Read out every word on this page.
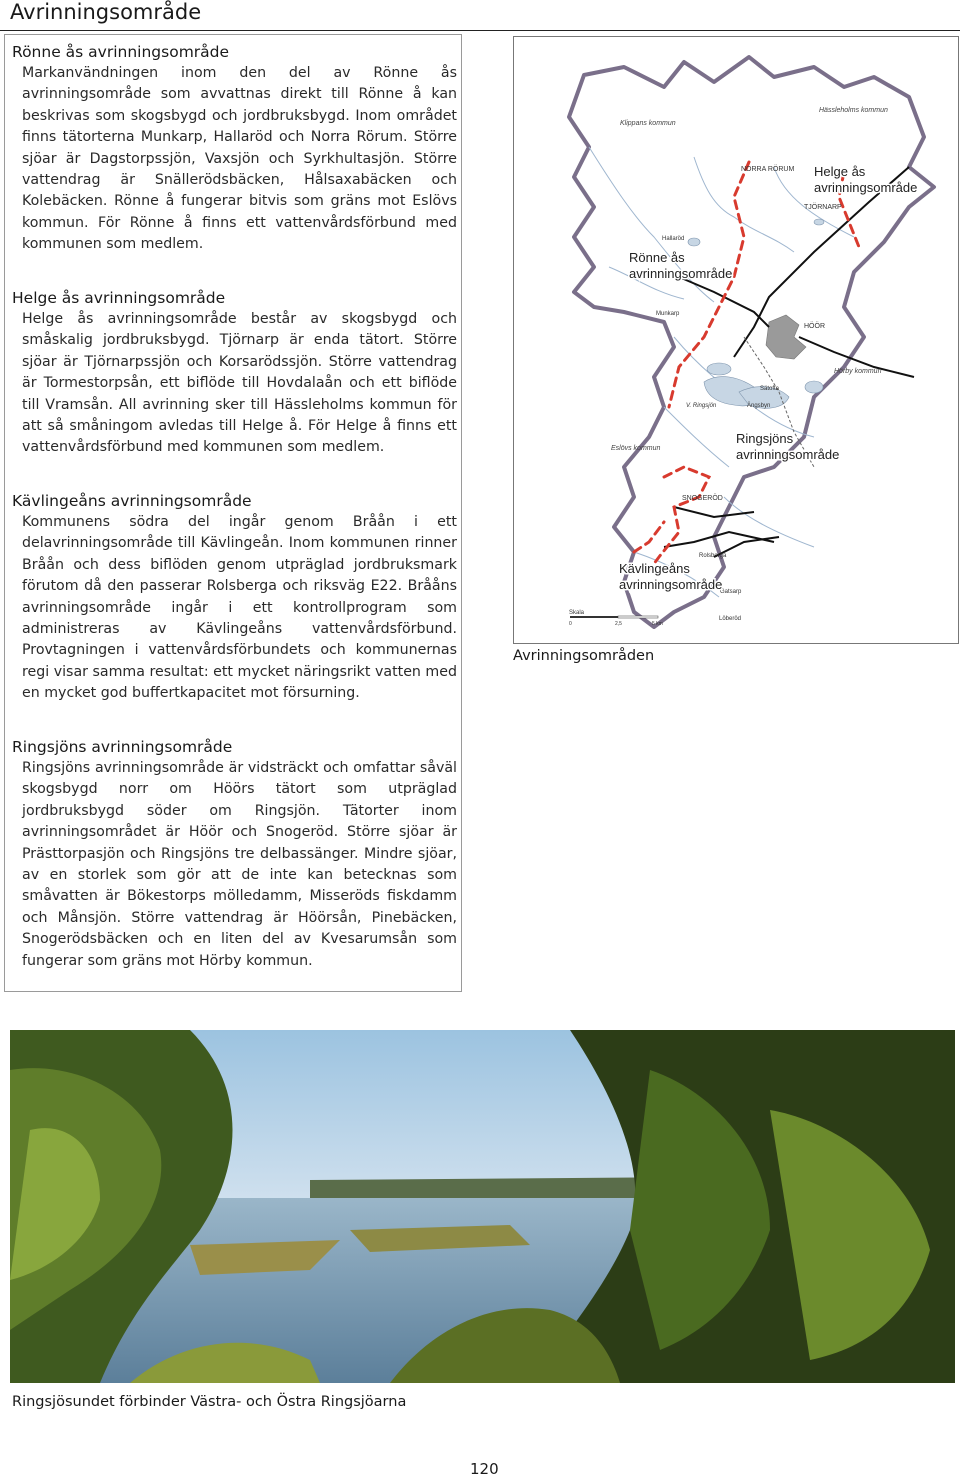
Avrinningsområde
Rönne ås avrinningsområde

Markanvändningen inom den del av Rönne ås avrinningsområde som avvattnas direkt till Rönne å kan beskrivas som skogsbygd och jordbruksbygd. Inom området finns tätorterna Munkarp, Hallaröd och Norra Rörum. Större sjöar är Dagstorpssjön, Vaxsjön och Syrkhultasjön. Större vattendrag är Snällerödsbäcken, Hålsaxabäcken och Kolebäcken. Rönne å fungerar bitvis som gräns mot Eslövs kommun. För Rönne å finns ett vattenvårdsförbund med kommunen som medlem.

Helge ås avrinningsområde

Helge ås avrinningsområde består av skogsbygd och småskalig jordbruksbygd. Tjörnarp är enda tätort. Större sjöar är Tjörnarpssjön och Korsarödssjön. Större vattendrag är Tormestorpsån, ett biflöde till Hovdalaån och ett biflöde till Vramsån. All avrinning sker till Hässleholms kommun för att så småningom avledas till Helge å. För Helge å finns ett vattenvårdsförbund med kommunen som medlem.

Kävlingeåns avrinningsområde

Kommunens södra del ingår genom Bråån i ett delavrinningsområde till Kävlingeån. Inom kommunen rinner Bråån och dess biflöden genom utpräglad jordbruksmark förutom då den passerar Rolsberga och riksväg E22. Brååns avrinningsområde ingår i ett kontrollprogram som administreras av Kävlingeåns vattenvårdsförbund. Provtagningen i vattenvårdsförbundets och kommunernas regi visar samma resultat: ett mycket näringsrikt vatten med en mycket god buffertkapacitet mot försurning.

Ringsjöns avrinningsområde

Ringsjöns avrinningsområde är vidsträckt och omfattar såväl skogsbygd norr om Höörs tätort som utpräglad jordbruksbygd söder om Ringsjön. Tätorter inom avrinningsområdet är Höör och Snogeröd. Större sjöar är Prästtorpasjön och Ringsjöns tre delbassänger. Mindre sjöar, av en storlek som gör att de inte kan betecknas som småvatten är Bökestorps mölledamm, Misseröds fiskdamm och Månsjön. Större vattendrag är Höörsån, Pinebäcken, Snogerödsbäcken och en liten del av Kvesarumsån som fungerar som gräns mot Hörby kommun.

Klippans kommun
Hässleholms kommun
Hörby kommun
Eslövs kommun
NORRA RÖRUM
TJÖRNARP
Hallaröd
Munkarp
HÖÖR
Sätofta
V. Ringsjön	Ängsbyn
SNOGERÖD
Rolsberga
Gatsarp
Löberöd
Helge ås
avrinningsområde
Rönne ås
avrinningsområde
Ringsjöns
avrinningsområde
Kävlingeåns
avrinningsområde
Skala
0	2,5	5 km
Avrinningsområden
Ringsjösundet förbinder Västra- och Östra Ringsjöarna
120
